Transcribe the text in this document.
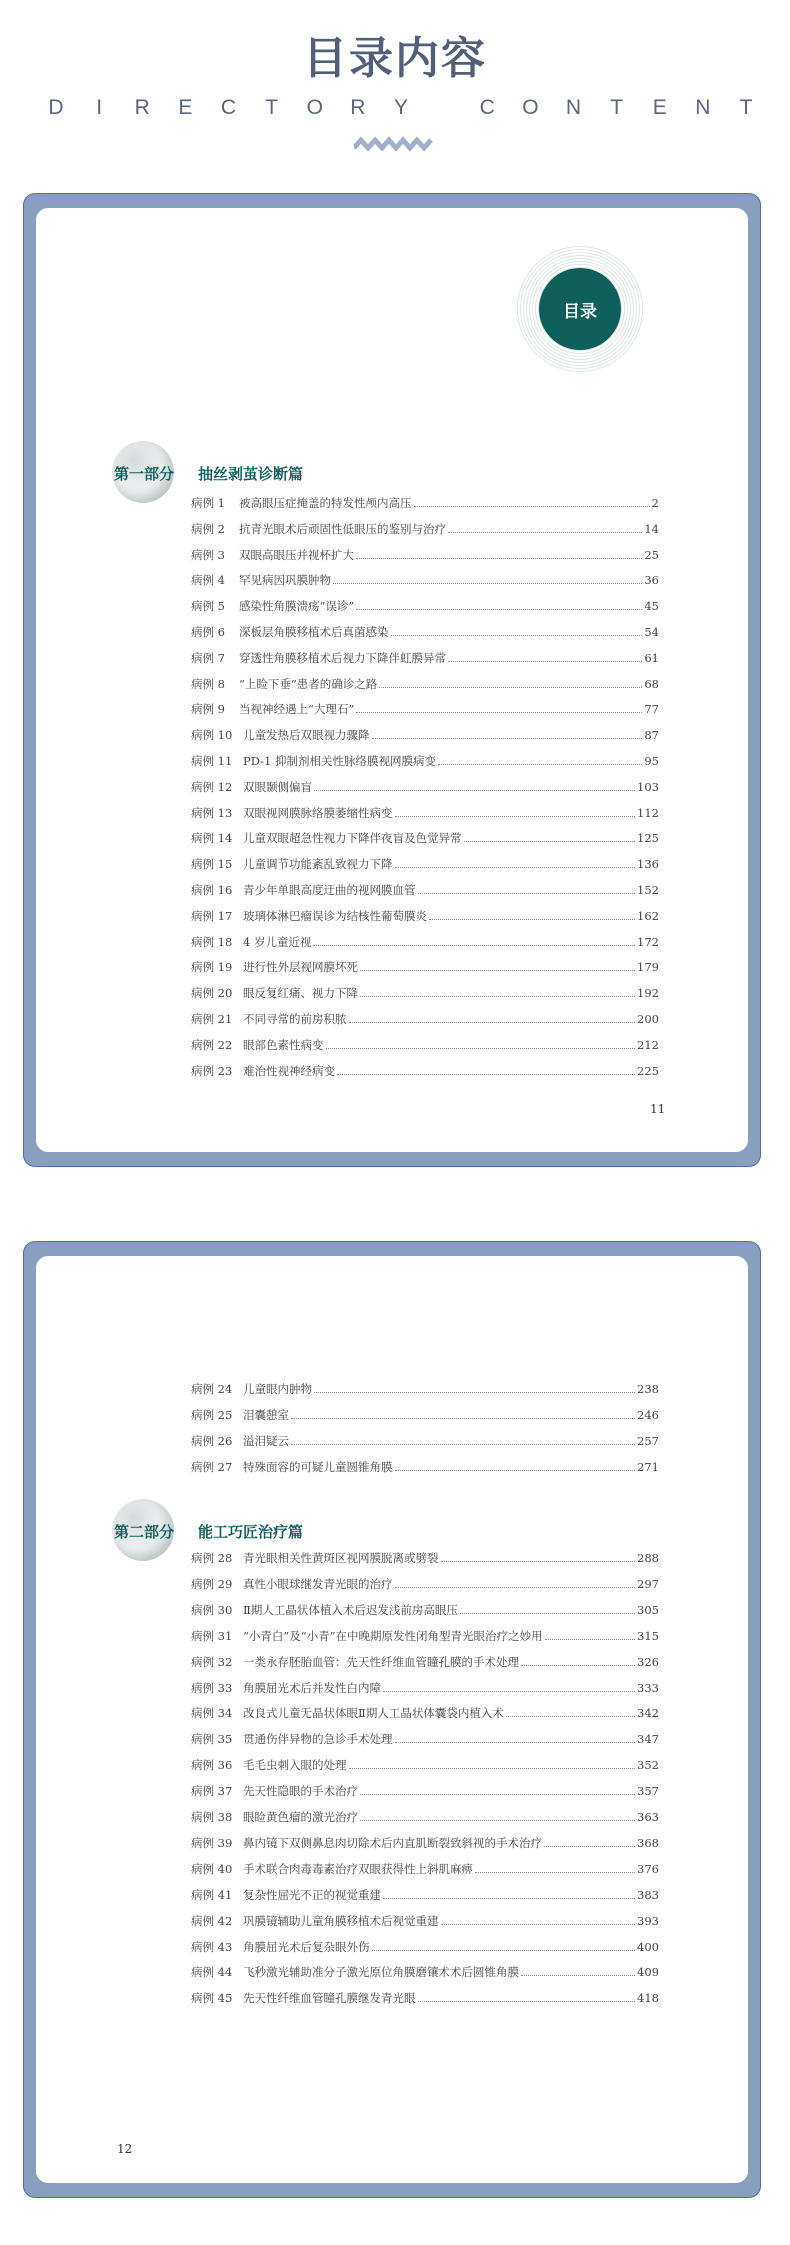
目录内容
D	I	R E C T O R Y	C O N T E N T
目录
第一部分 抽丝剥茧诊断篇
第二部分 能工巧匠治疗篇
病例 1	被高眼压症掩盖的特发性颅内高压	2
病例 2	抗青光眼术后顽固性低眼压的鉴别与治疗	14
病例 3	双眼高眼压并视杯扩大	25
病例 4	罕见病因巩膜肿物	36
病例 5	感染性角膜溃疡“误诊”	45
病例 6	深板层角膜移植术后真菌感染	54
病例 7	穿透性角膜移植术后视力下降伴虹膜异常	61
病例 8	“上睑下垂”患者的确诊之路	68
病例 9	当视神经遇上“大理石”	77
病例 10 儿童发热后双眼视力骤降	87
病例 11 PD-1 抑制剂相关性脉络膜视网膜病变	95
病例 12 双眼颞侧偏盲	103
病例 13 双眼视网膜脉络膜萎缩性病变	112
病例 14 儿童双眼超急性视力下降伴夜盲及色觉异常	125
病例 15 儿童调节功能紊乱致视力下降	136
病例 16 青少年单眼高度迂曲的视网膜血管	152
病例 17 玻璃体淋巴瘤误诊为结核性葡萄膜炎	162
病例 18 4 岁儿童近视	172
病例 19 进行性外层视网膜坏死	179
病例 20 眼反复红痛、视力下降	192
病例 21 不同寻常的前房积脓	200
病例 22 眼部色素性病变	212
病例 23 难治性视神经病变	225
病例 24 儿童眼内肿物	238
病例 25 泪囊憩室	246
病例 26 溢泪疑云	257
病例 27 特殊面容的可疑儿童圆锥角膜	271
病例 28 青光眼相关性黄斑区视网膜脱离或劈裂	288
病例 29 真性小眼球继发青光眼的治疗	297
病例 30 Ⅱ期人工晶状体植入术后迟发浅前房高眼压	305
病例 31 “小青白”及“小青”在中晚期原发性闭角型青光眼治疗之妙用	315
病例 32 一类永存胚胎血管：先天性纤维血管瞳孔膜的手术处理	326
病例 33 角膜屈光术后并发性白内障	333
病例 34 改良式儿童无晶状体眼Ⅱ期人工晶状体囊袋内植入术	342
病例 35 贯通伤伴异物的急诊手术处理	347
病例 36 毛毛虫刺入眼的处理	352
病例 37 先天性隐眼的手术治疗	357
病例 38 眼睑黄色瘤的激光治疗	363
病例 39 鼻内镜下双侧鼻息肉切除术后内直肌断裂致斜视的手术治疗	368
病例 40 手术联合肉毒毒素治疗双眼获得性上斜肌麻痹	376
病例 41 复杂性屈光不正的视觉重建	383
病例 42 巩膜镜辅助儿童角膜移植术后视觉重建	393
病例 43 角膜屈光术后复杂眼外伤	400
病例 44 飞秒激光辅助准分子激光原位角膜磨镶术术后圆锥角膜	409
病例 45 先天性纤维血管瞳孔膜继发青光眼	418
11
12
